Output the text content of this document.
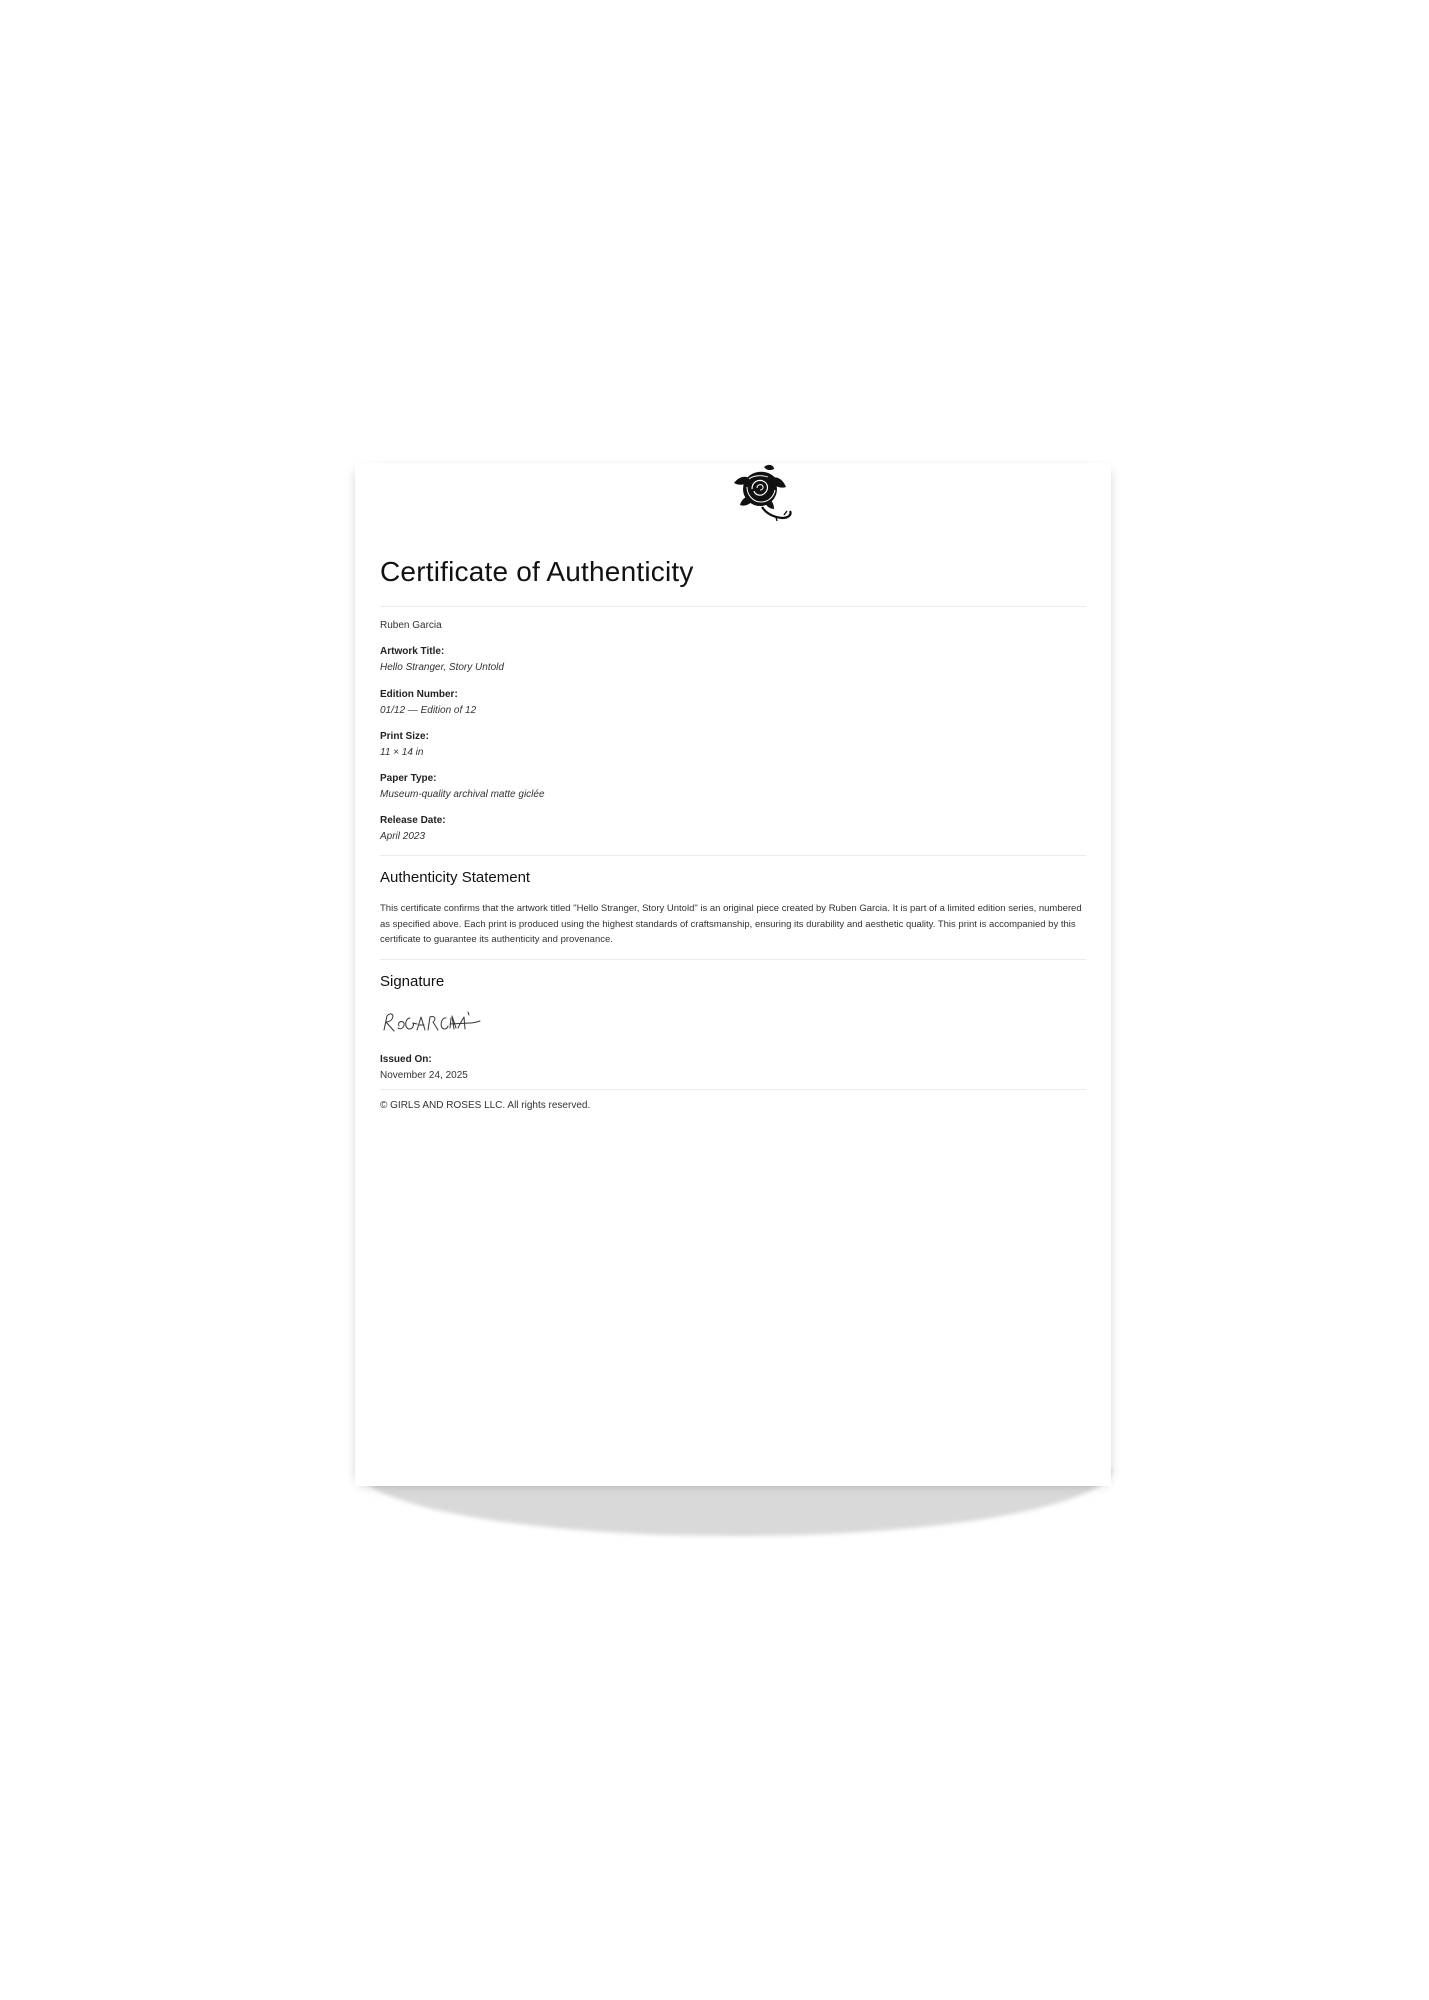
Certificate of Authenticity
Ruben Garcia
Artwork Title:
Hello Stranger, Story Untold
Edition Number:
01/12 — Edition of 12
Print Size:
11 × 14 in
Paper Type:
Museum-quality archival matte giclée
Release Date:
April 2023
Authenticity Statement

This certificate confirms that the artwork titled "Hello Stranger, Story Untold" is an original piece created by Ruben Garcia. It is part of a limited edition series, numbered as specified above. Each print is produced using the highest standards of craftsmanship, ensuring its durability and aesthetic quality. This print is accompanied by this certificate to guarantee its authenticity and provenance.

Signature
Issued On:
November 24, 2025
© GIRLS AND ROSES LLC. All rights reserved.
